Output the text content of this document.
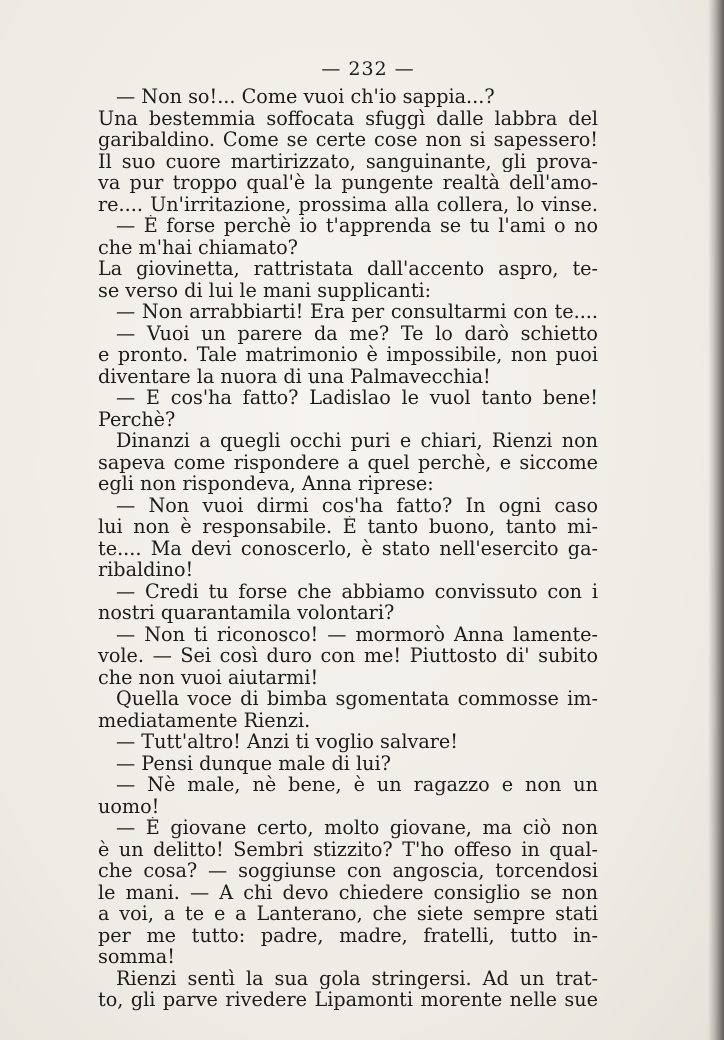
— 232 —
— Non so!... Come vuoi ch'io sappia...?
Una bestemmia soffocata sfuggì dalle labbra del
garibaldino. Come se certe cose non si sapessero!
Il suo cuore martirizzato, sanguinante, gli prova-
va pur troppo qual'è la pungente realtà dell'amo-
re.... Un'irritazione, prossima alla collera, lo vinse.
— È forse perchè io t'apprenda se tu l'ami o no
che m'hai chiamato?
La giovinetta, rattristata dall'accento aspro, te-
se verso di lui le mani supplicanti:
— Non arrabbiarti! Era per consultarmi con te....
— Vuoi un parere da me? Te lo darò schietto
e pronto. Tale matrimonio è impossibile, non puoi
diventare la nuora di una Palmavecchia!
— E cos'ha fatto? Ladislao le vuol tanto bene!
Perchè?
Dinanzi a quegli occhi puri e chiari, Rienzi non
sapeva come rispondere a quel perchè, e siccome
egli non rispondeva, Anna riprese:
— Non vuoi dirmi cos'ha fatto? In ogni caso
lui non è responsabile. È tanto buono, tanto mi-
te.... Ma devi conoscerlo, è stato nell'esercito ga-
ribaldino!
— Credi tu forse che abbiamo convissuto con i
nostri quarantamila volontari?
— Non ti riconosco! — mormorò Anna lamente-
vole. — Sei così duro con me! Piuttosto di' subito
che non vuoi aiutarmi!
Quella voce di bimba sgomentata commosse im-
mediatamente Rienzi.
— Tutt'altro! Anzi ti voglio salvare!
— Pensi dunque male di lui?
— Nè male, nè bene, è un ragazzo e non un
uomo!
— È giovane certo, molto giovane, ma ciò non
è un delitto! Sembri stizzito? T'ho offeso in qual-
che cosa? — soggiunse con angoscia, torcendosi
le mani. — A chi devo chiedere consiglio se non
a voi, a te e a Lanterano, che siete sempre stati
per me tutto: padre, madre, fratelli, tutto in-
somma!
Rienzi sentì la sua gola stringersi. Ad un trat-
to, gli parve rivedere Lipamonti morente nelle sue
